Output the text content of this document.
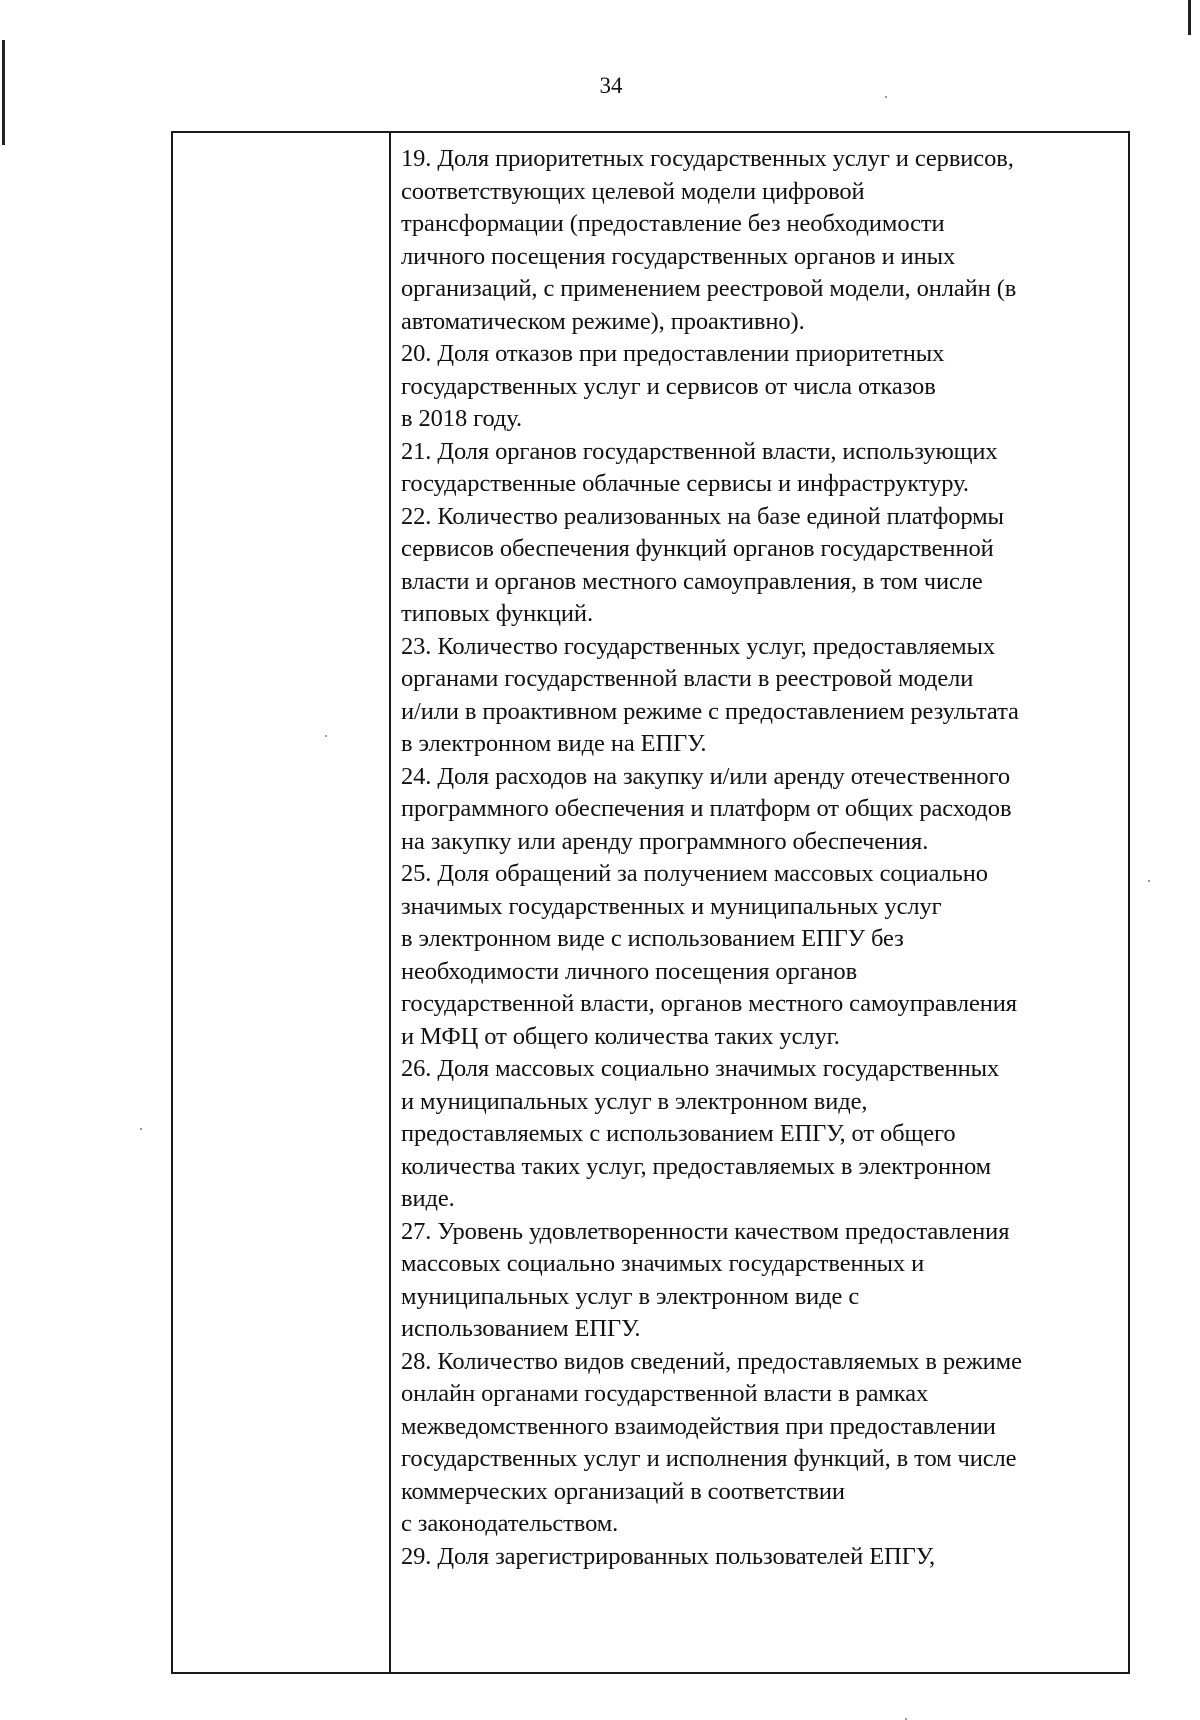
34
19. Доля приоритетных государственных услуг и сервисов,
соответствующих целевой модели цифровой
трансформации (предоставление без необходимости
личного посещения государственных органов и иных
организаций, с применением реестровой модели, онлайн (в
автоматическом режиме), проактивно).
20. Доля отказов при предоставлении приоритетных
государственных услуг и сервисов от числа отказов
в 2018 году.
21. Доля органов государственной власти, использующих
государственные облачные сервисы и инфраструктуру.
22. Количество реализованных на базе единой платформы
сервисов обеспечения функций органов государственной
власти и органов местного самоуправления, в том числе
типовых функций.
23. Количество государственных услуг, предоставляемых
органами государственной власти в реестровой модели
и/или в проактивном режиме с предоставлением результата
в электронном виде на ЕПГУ.
24. Доля расходов на закупку и/или аренду отечественного
программного обеспечения и платформ от общих расходов
на закупку или аренду программного обеспечения.
25. Доля обращений за получением массовых социально
значимых государственных и муниципальных услуг
в электронном виде с использованием ЕПГУ без
необходимости личного посещения органов
государственной власти, органов местного самоуправления
и МФЦ от общего количества таких услуг.
26. Доля массовых социально значимых государственных
и муниципальных услуг в электронном виде,
предоставляемых с использованием ЕПГУ, от общего
количества таких услуг, предоставляемых в электронном
виде.
27. Уровень удовлетворенности качеством предоставления
массовых социально значимых государственных и
муниципальных услуг в электронном виде с
использованием ЕПГУ.
28. Количество видов сведений, предоставляемых в режиме
онлайн органами государственной власти в рамках
межведомственного взаимодействия при предоставлении
государственных услуг и исполнения функций, в том числе
коммерческих организаций в соответствии
с законодательством.
29. Доля зарегистрированных пользователей ЕПГУ,
